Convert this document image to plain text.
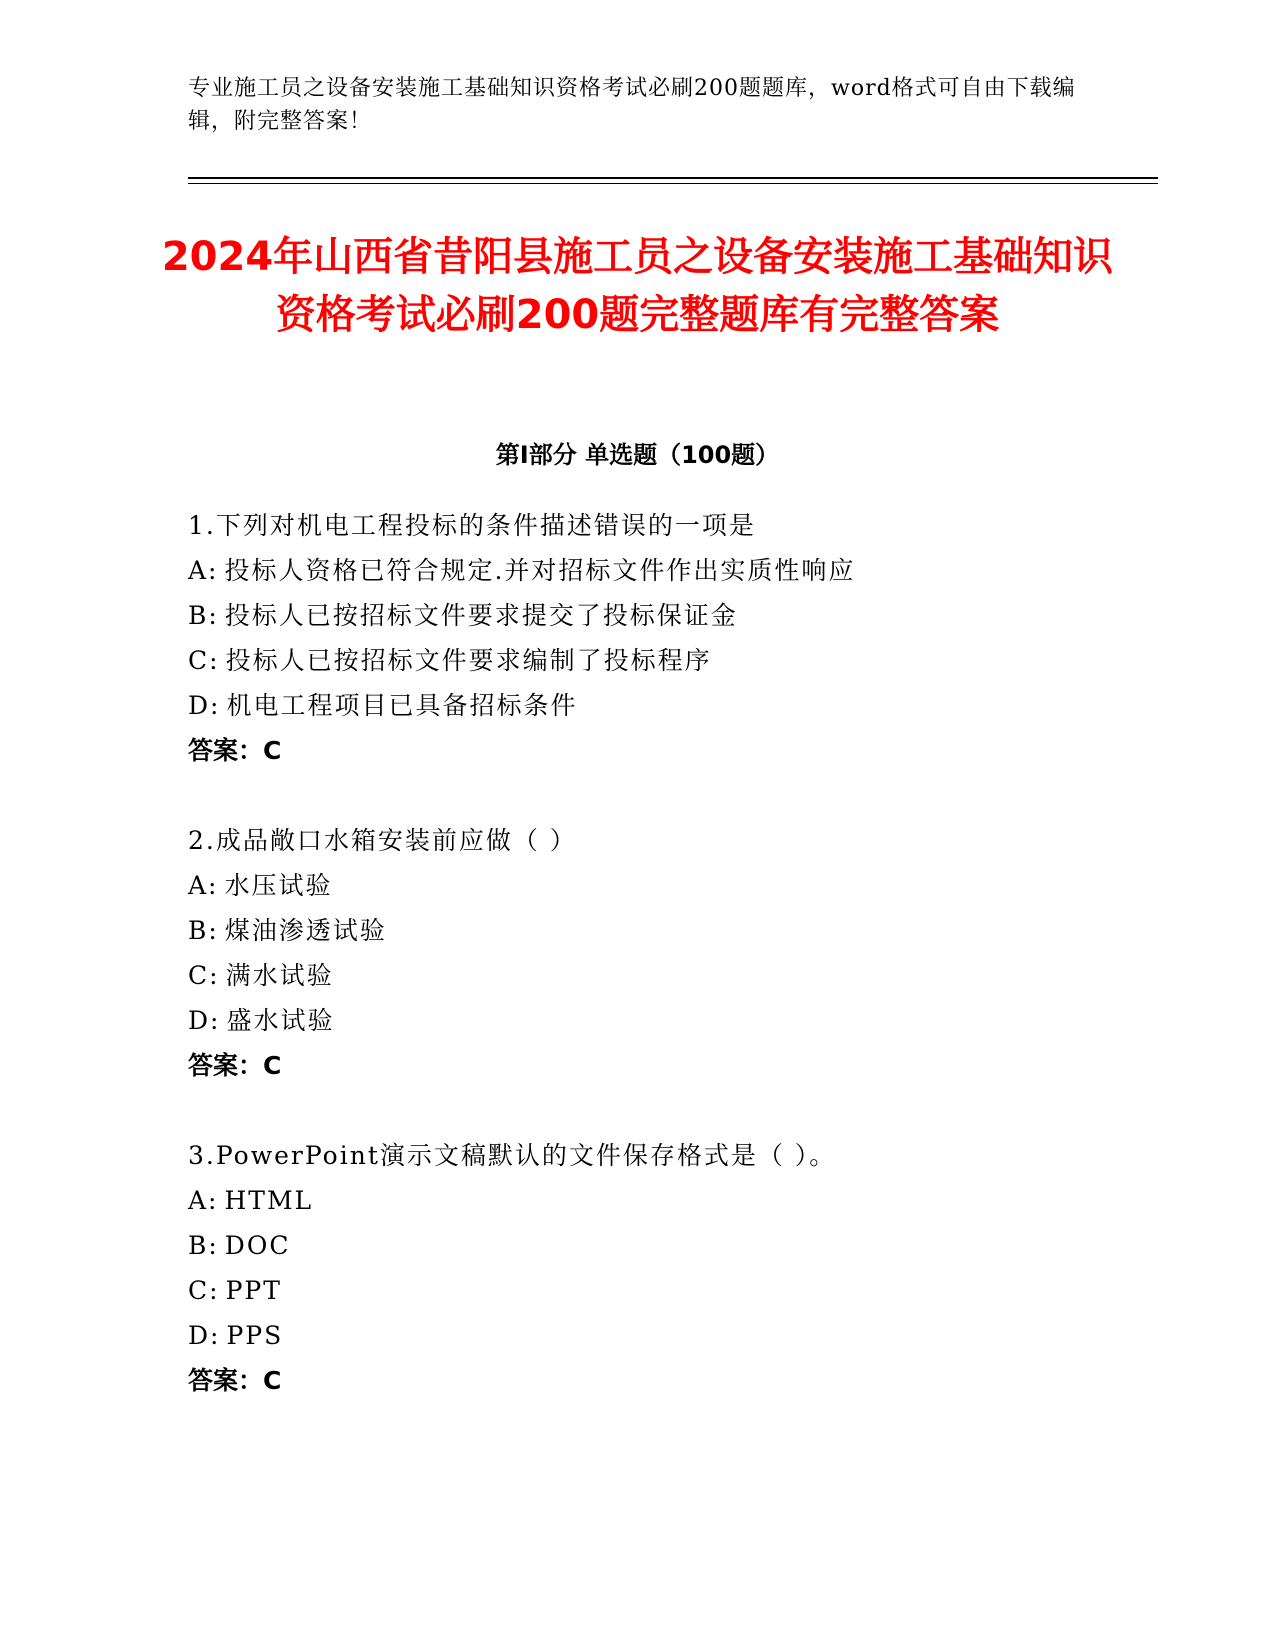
专业施工员之设备安装施工基础知识资格考试必刷200题题库，word格式可自由下载编辑，附完整答案！
2024年山西省昔阳县施工员之设备安装施工基础知识资格考试必刷200题完整题库有完整答案
第Ⅰ部分 单选题（100题）
1.下列对机电工程投标的条件描述错误的一项是
A: 投标人资格已符合规定.并对招标文件作出实质性响应
B: 投标人已按招标文件要求提交了投标保证金
C: 投标人已按招标文件要求编制了投标程序
D: 机电工程项目已具备招标条件
答案：C
2.成品敞口水箱安装前应做（ ）
A: 水压试验
B: 煤油渗透试验
C: 满水试验
D: 盛水试验
答案：C
3.PowerPoint演示文稿默认的文件保存格式是（ ）。
A: HTML
B: DOC
C: PPT
D: PPS
答案：C
